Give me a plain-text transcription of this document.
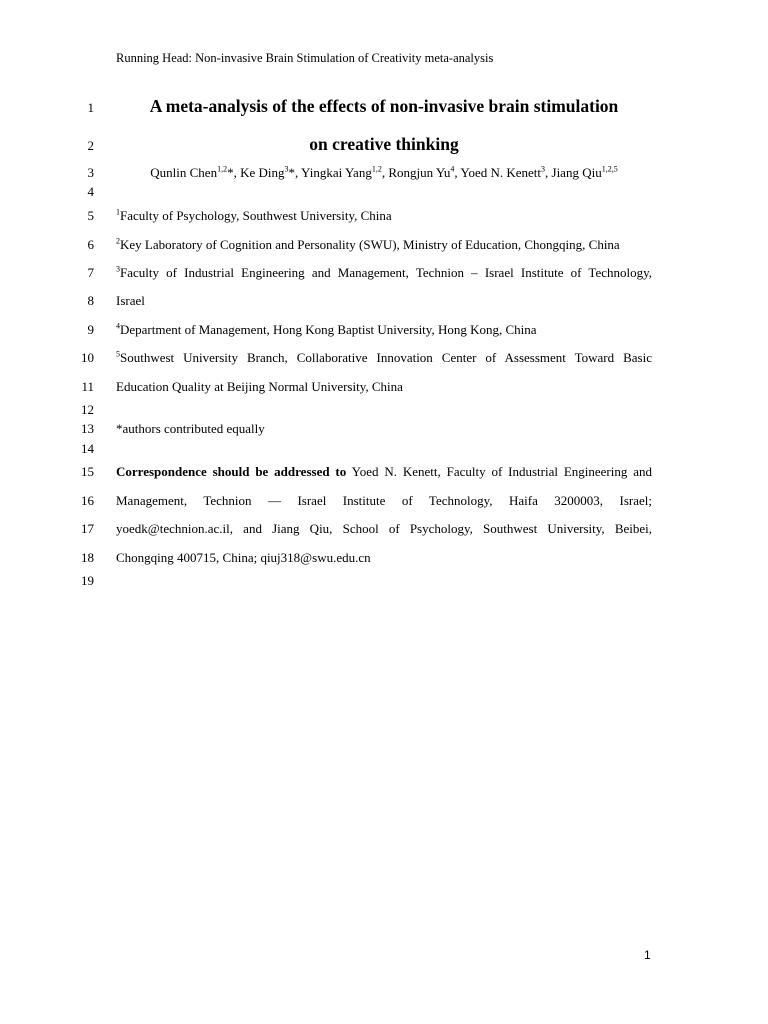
Running Head: Non-invasive Brain Stimulation of Creativity meta-analysis
1
2
3
4
5
6
7
8
9
10
11
12
13
14
15
16
17
18
19
A meta-analysis of the effects of non-invasive brain stimulation
on creative thinking
Qunlin Chen$^{1,2}$*, Ke Ding$^3$*, Yingkai Yang$^{1,2}$, Rongjun Yu$^4$, Yoed N. Kenett$^3$, Jiang Qiu$^{1,2,5}$
$^1$Faculty of Psychology, Southwest University, China
$^2$Key Laboratory of Cognition and Personality (SWU), Ministry of Education, Chongqing, China
$^3$Faculty of Industrial Engineering and Management, Technion – Israel Institute of Technology,
Israel
$^4$Department of Management, Hong Kong Baptist University, Hong Kong, China
$^5$Southwest University Branch, Collaborative Innovation Center of Assessment Toward Basic
Education Quality at Beijing Normal University, China
*authors contributed equally
Correspondence should be addressed to Yoed N. Kenett, Faculty of Industrial Engineering and
Management, Technion — Israel Institute of Technology, Haifa 3200003, Israel;
yoedk@technion.ac.il, and Jiang Qiu, School of Psychology, Southwest University, Beibei,
Chongqing 400715, China; qiuj318@swu.edu.cn
1
